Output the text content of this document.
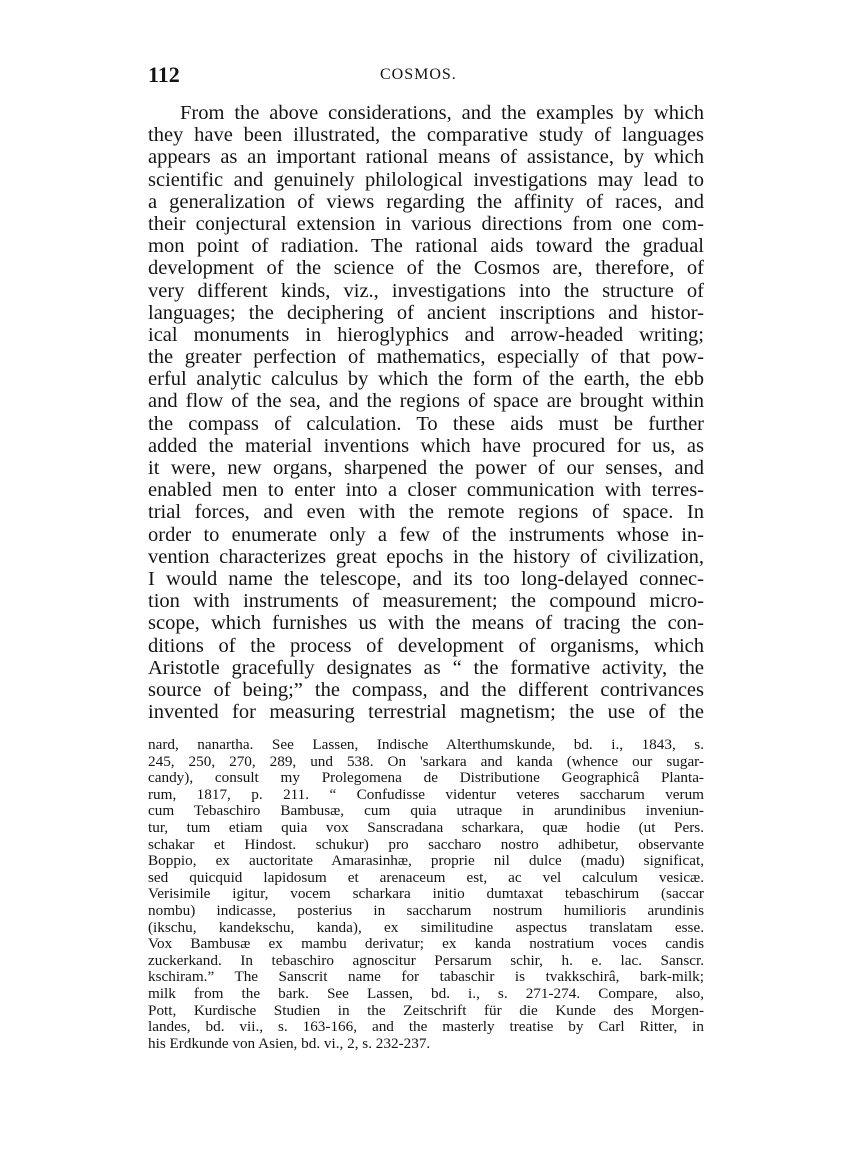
112	COSMOS.
From the above considerations, and the examples by which
they have been illustrated, the comparative study of languages
appears as an important rational means of assistance, by which
scientific and genuinely philological investigations may lead to
a generalization of views regarding the affinity of races, and
their conjectural extension in various directions from one com-
mon point of radiation. The rational aids toward the gradual
development of the science of the Cosmos are, therefore, of
very different kinds, viz., investigations into the structure of
languages; the deciphering of ancient inscriptions and histor-
ical monuments in hieroglyphics and arrow-headed writing;
the greater perfection of mathematics, especially of that pow-
erful analytic calculus by which the form of the earth, the ebb
and flow of the sea, and the regions of space are brought within
the compass of calculation. To these aids must be further
added the material inventions which have procured for us, as
it were, new organs, sharpened the power of our senses, and
enabled men to enter into a closer communication with terres-
trial forces, and even with the remote regions of space. In
order to enumerate only a few of the instruments whose in-
vention characterizes great epochs in the history of civilization,
I would name the telescope, and its too long-delayed connec-
tion with instruments of measurement; the compound micro-
scope, which furnishes us with the means of tracing the con-
ditions of the process of development of organisms, which
Aristotle gracefully designates as “ the formative activity, the
source of being;” the compass, and the different contrivances
invented for measuring terrestrial magnetism; the use of the
nard, nanartha. See Lassen, Indische Alterthumskunde, bd. i., 1843, s.
245, 250, 270, 289, und 538. On 'sarkara and kanda (whence our sugar-
candy), consult my Prolegomena de Distributione Geographicâ Planta-
rum, 1817, p. 211. “ Confudisse videntur veteres saccharum verum
cum Tebaschiro Bambusæ, cum quia utraque in arundinibus inveniun-
tur, tum etiam quia vox Sanscradana scharkara, quæ hodie (ut Pers.
schakar et Hindost. schukur) pro saccharo nostro adhibetur, observante
Boppio, ex auctoritate Amarasinhæ, proprie nil dulce (madu) significat,
sed quicquid lapidosum et arenaceum est, ac vel calculum vesicæ.
Verisimile igitur, vocem scharkara initio dumtaxat tebaschirum (saccar
nombu) indicasse, posterius in saccharum nostrum humilioris arundinis
(ikschu, kandekschu, kanda), ex similitudine aspectus translatam esse.
Vox Bambusæ ex mambu derivatur; ex kanda nostratium voces candis
zuckerkand. In tebaschiro agnoscitur Persarum schir, h. e. lac. Sanscr.
kschiram.” The Sanscrit name for tabaschir is tvakkschirâ, bark-milk;
milk from the bark. See Lassen, bd. i., s. 271-274. Compare, also,
Pott, Kurdische Studien in the Zeitschrift für die Kunde des Morgen-
landes, bd. vii., s. 163-166, and the masterly treatise by Carl Ritter, in
his Erdkunde von Asien, bd. vi., 2, s. 232-237.
